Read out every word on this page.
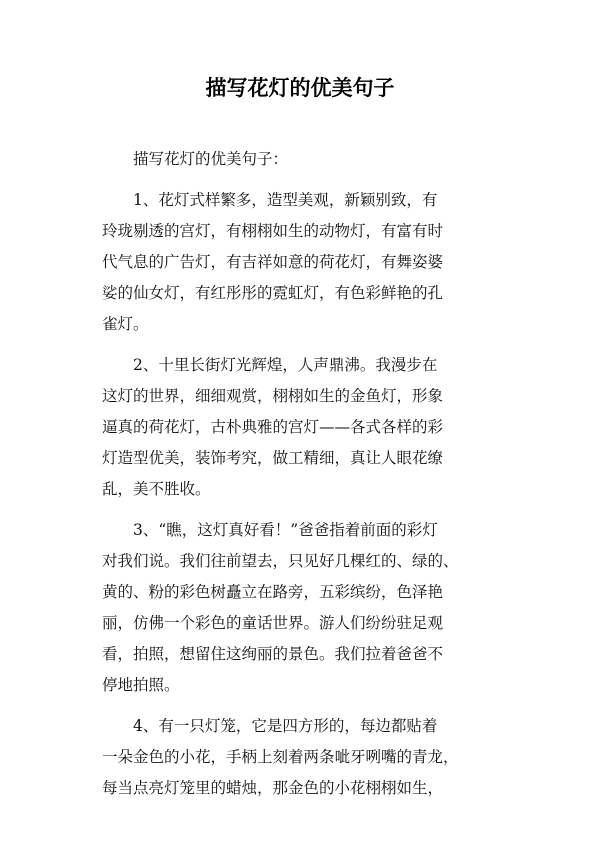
描写花灯的优美句子
描写花灯的优美句子：
1、花灯式样繁多，造型美观，新颖别致，有
玲珑剔透的宫灯，有栩栩如生的动物灯，有富有时
代气息的广告灯，有吉祥如意的荷花灯，有舞姿婆
娑的仙女灯，有红彤彤的霓虹灯，有色彩鲜艳的孔
雀灯。
2、十里长街灯光辉煌，人声鼎沸。我漫步在
这灯的世界，细细观赏，栩栩如生的金鱼灯，形象
逼真的荷花灯，古朴典雅的宫灯——各式各样的彩
灯造型优美，装饰考究，做工精细，真让人眼花缭
乱，美不胜收。
3、“瞧，这灯真好看！”爸爸指着前面的彩灯
对我们说。我们往前望去，只见好几棵红的、绿的、
黄的、粉的彩色树矗立在路旁，五彩缤纷，色泽艳
丽，仿佛一个彩色的童话世界。游人们纷纷驻足观
看，拍照，想留住这绚丽的景色。我们拉着爸爸不
停地拍照。
4、有一只灯笼，它是四方形的，每边都贴着
一朵金色的小花，手柄上刻着两条呲牙咧嘴的青龙，
每当点亮灯笼里的蜡烛，那金色的小花栩栩如生，
